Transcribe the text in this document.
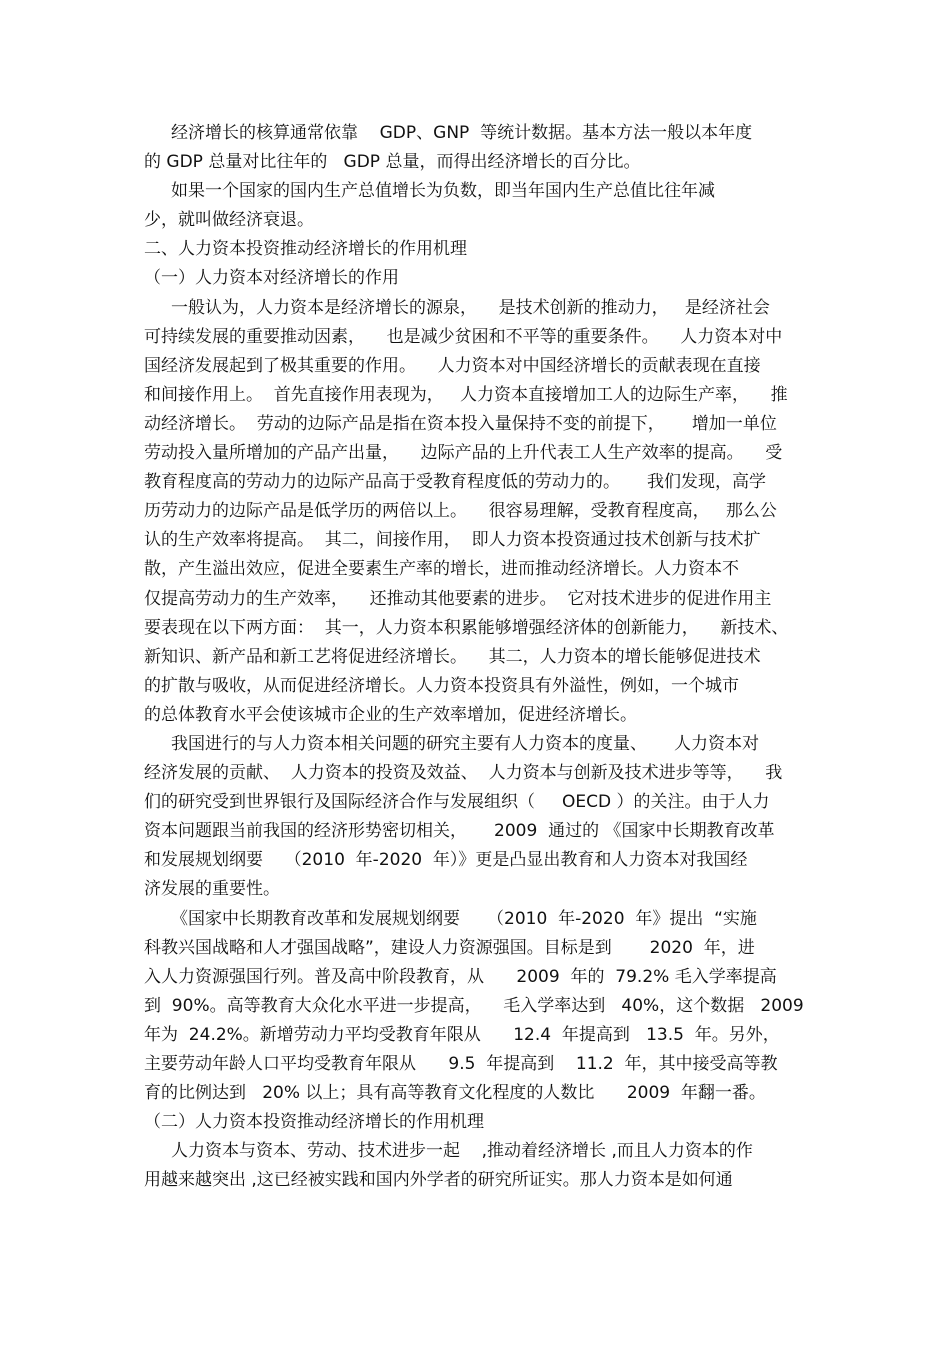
经济增长的核算通常依靠    GDP、GNP  等统计数据。基本方法一般以本年度
的 GDP 总量对比往年的   GDP 总量，而得出经济增长的百分比。
如果一个国家的国内生产总值增长为负数，即当年国内生产总值比往年减
少，就叫做经济衰退。
二、人力资本投资推动经济增长的作用机理
（一）人力资本对经济增长的作用
一般认为，人力资本是经济增长的源泉，    是技术创新的推动力，   是经济社会
可持续发展的重要推动因素，    也是减少贫困和不平等的重要条件。    人力资本对中
国经济发展起到了极其重要的作用。    人力资本对中国经济增长的贡献表现在直接
和间接作用上。  首先直接作用表现为，   人力资本直接增加工人的边际生产率，    推
动经济增长。  劳动的边际产品是指在资本投入量保持不变的前提下，     增加一单位
劳动投入量所增加的产品产出量，    边际产品的上升代表工人生产效率的提高。    受
教育程度高的劳动力的边际产品高于受教育程度低的劳动力的。     我们发现，高学
历劳动力的边际产品是低学历的两倍以上。    很容易理解，受教育程度高，   那么公
认的生产效率将提高。  其二，间接作用，  即人力资本投资通过技术创新与技术扩
散，产生溢出效应，促进全要素生产率的增长，进而推动经济增长。人力资本不
仅提高劳动力的生产效率，    还推动其他要素的进步。  它对技术进步的促进作用主
要表现在以下两方面：  其一，人力资本积累能够增强经济体的创新能力，    新技术、
新知识、新产品和新工艺将促进经济增长。    其二，人力资本的增长能够促进技术
的扩散与吸收，从而促进经济增长。人力资本投资具有外溢性，例如，一个城市
的总体教育水平会使该城市企业的生产效率增加，促进经济增长。
我国进行的与人力资本相关问题的研究主要有人力资本的度量、     人力资本对
经济发展的贡献、  人力资本的投资及效益、  人力资本与创新及技术进步等等，    我
们的研究受到世界银行及国际经济合作与发展组织（     OECD ）的关注。由于人力
资本问题跟当前我国的经济形势密切相关，     2009  通过的 《国家中长期教育改革
和发展规划纲要    （2010  年-2020  年）》更是凸显出教育和人力资本对我国经
济发展的重要性。
《国家中长期教育改革和发展规划纲要     （2010  年-2020  年》提出  “实施
科教兴国战略和人才强国战略”，建设人力资源强国。目标是到       2020  年，进
入人力资源强国行列。普及高中阶段教育，从      2009  年的  79.2% 毛入学率提高
到  90%。高等教育大众化水平进一步提高，    毛入学率达到   40%，这个数据   2009
年为  24.2%。新增劳动力平均受教育年限从      12.4  年提高到   13.5  年。另外，
主要劳动年龄人口平均受教育年限从      9.5  年提高到    11.2  年，其中接受高等教
育的比例达到   20% 以上；具有高等教育文化程度的人数比      2009  年翻一番。
（二）人力资本投资推动经济增长的作用机理
人力资本与资本、劳动、技术进步一起    ,推动着经济增长 ,而且人力资本的作
用越来越突出 ,这已经被实践和国内外学者的研究所证实。那人力资本是如何通
